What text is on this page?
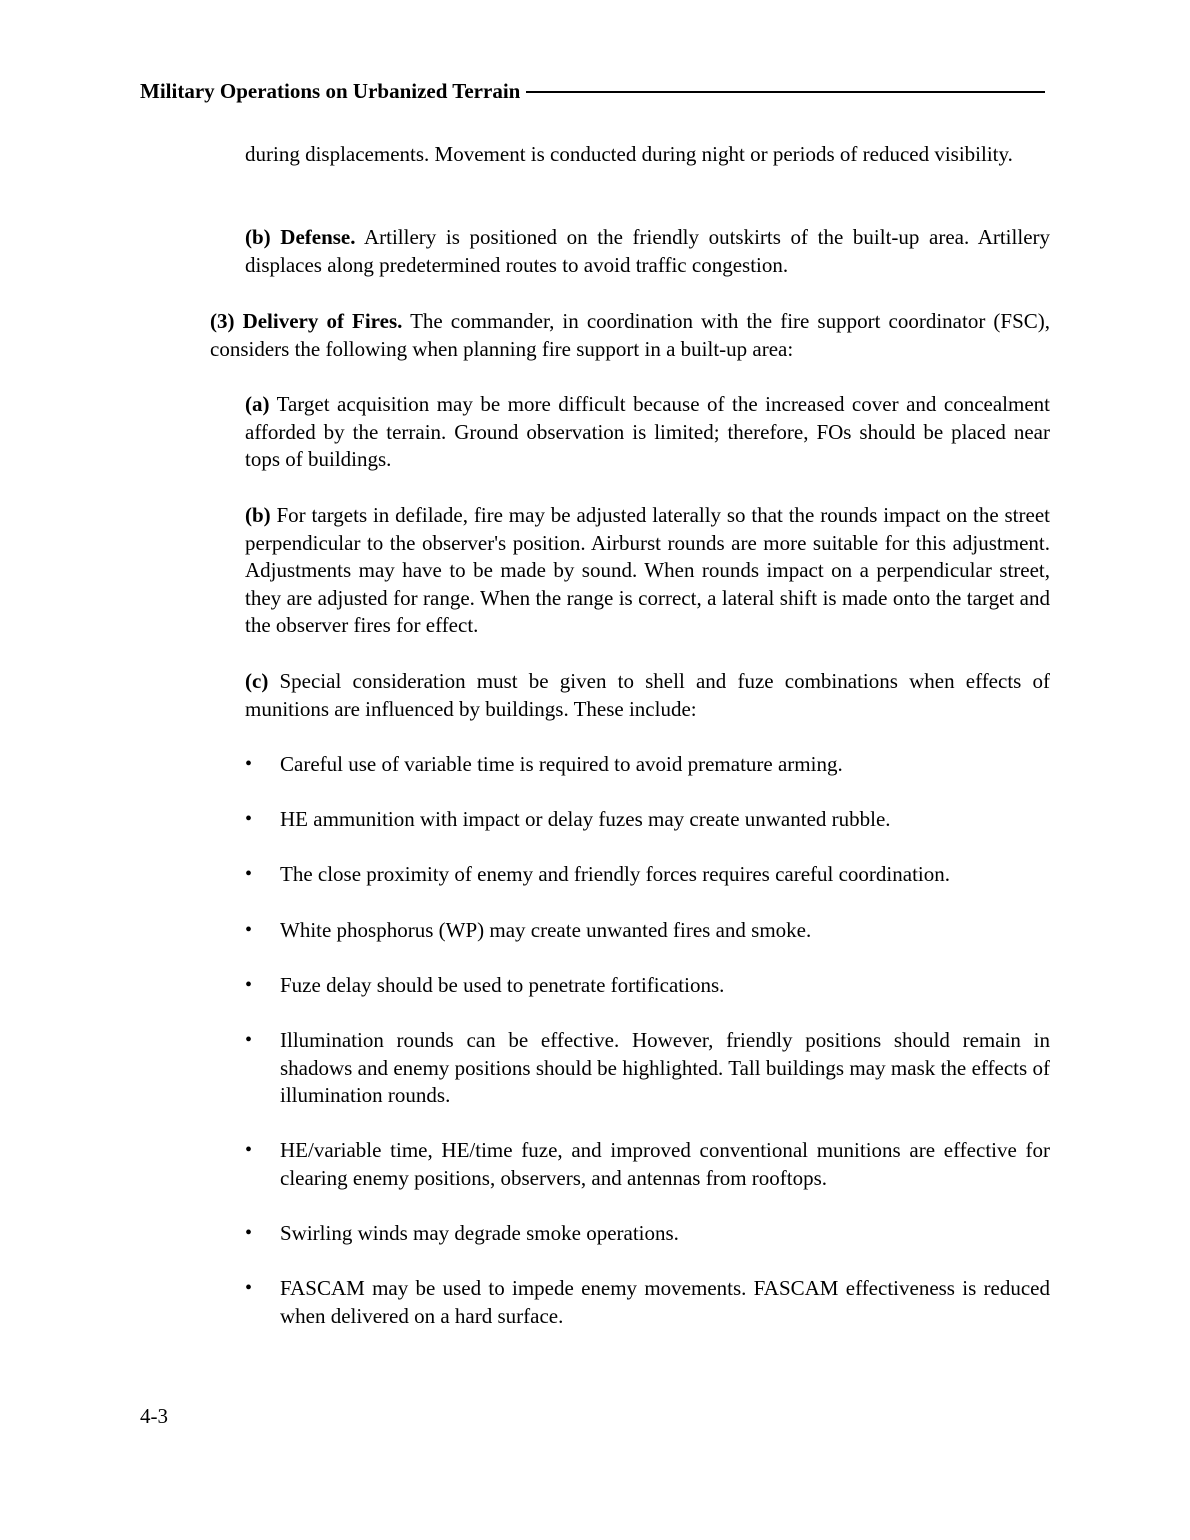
Military Operations on Urbanized Terrain

during displacements. Movement is conducted during night or periods of reduced visibility.

(b) Defense. Artillery is positioned on the friendly outskirts of the built-up area. Artillery displaces along predetermined routes to avoid traffic congestion.

(3) Delivery of Fires. The commander, in coordination with the fire support coordinator (FSC), considers the following when planning fire support in a built-up area:

(a) Target acquisition may be more difficult because of the increased cover and concealment afforded by the terrain. Ground observation is limited; therefore, FOs should be placed near tops of buildings.

(b) For targets in defilade, fire may be adjusted laterally so that the rounds impact on the street perpendicular to the observer's position. Airburst rounds are more suitable for this adjustment. Adjustments may have to be made by sound. When rounds impact on a perpendicular street, they are adjusted for range. When the range is correct, a lateral shift is made onto the target and the observer fires for effect.

(c) Special consideration must be given to shell and fuze combinations when effects of munitions are influenced by buildings. These include:

•	Careful use of variable time is required to avoid premature arming.
•	HE ammunition with impact or delay fuzes may create unwanted rubble.
•	The close proximity of enemy and friendly forces requires careful coordination.
•	White phosphorus (WP) may create unwanted fires and smoke.
•	Fuze delay should be used to penetrate fortifications.
•	Illumination rounds can be effective. However, friendly positions should remain in shadows and enemy positions should be highlighted. Tall buildings may mask the effects of illumination rounds.
•	HE/variable time, HE/time fuze, and improved conventional munitions are effective for clearing enemy positions, observers, and antennas from rooftops.
•	Swirling winds may degrade smoke operations.
•	FASCAM may be used to impede enemy movements. FASCAM effectiveness is reduced when delivered on a hard surface.
4-3
